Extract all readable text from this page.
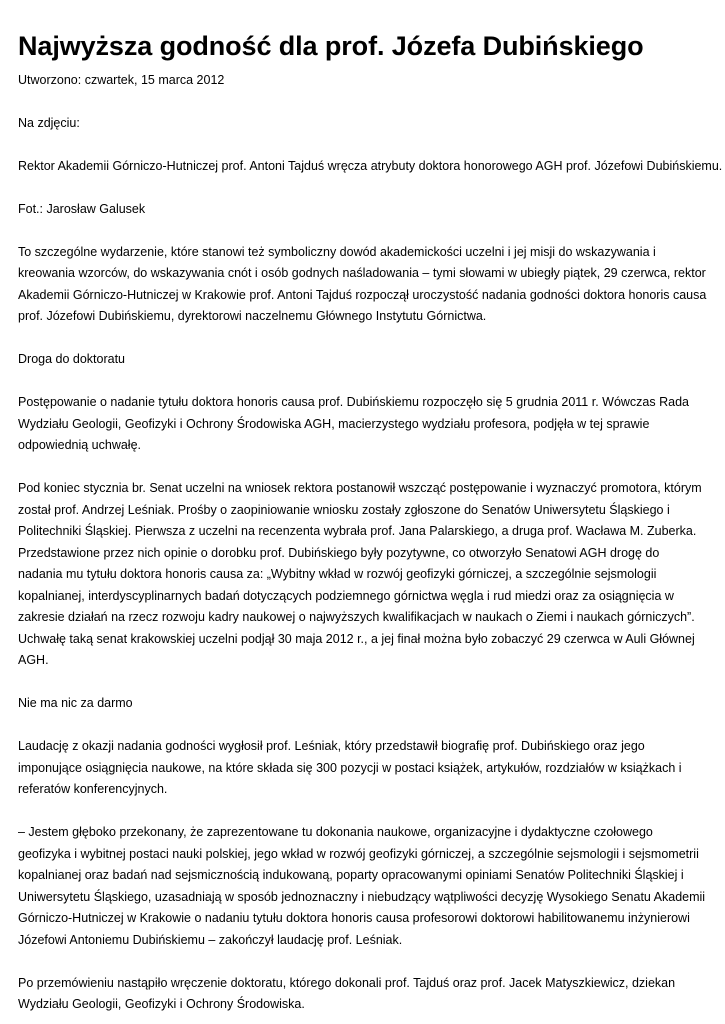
Najwyższa godność dla prof. Józefa Dubińskiego
Utworzono: czwartek, 15 marca 2012

Na zdjęciu:

Rektor Akademii Górniczo-Hutniczej prof. Antoni Tajduś wręcza atrybuty doktora honorowego AGH prof. Józefowi Dubińskiemu.

Fot.: Jarosław Galusek

To szczególne wydarzenie, które stanowi też symboliczny dowód akademickości uczelni i jej misji do wskazywania i kreowania wzorców, do wskazywania cnót i osób godnych naśladowania – tymi słowami w ubiegły piątek, 29 czerwca, rektor Akademii Górniczo-Hutniczej w Krakowie prof. Antoni Tajduś rozpoczął uroczystość nadania godności doktora honoris causa prof. Józefowi Dubińskiemu, dyrektorowi naczelnemu Głównego Instytutu Górnictwa.

Droga do doktoratu

Postępowanie o nadanie tytułu doktora honoris causa prof. Dubińskiemu rozpoczęło się 5 grudnia 2011 r. Wówczas Rada Wydziału Geologii, Geofizyki i Ochrony Środowiska AGH, macierzystego wydziału profesora, podjęła w tej sprawie odpowiednią uchwałę.

Pod koniec stycznia br. Senat uczelni na wniosek rektora postanowił wszcząć postępowanie i wyznaczyć promotora, którym został prof. Andrzej Leśniak. Prośby o zaopiniowanie wniosku zostały zgłoszone do Senatów Uniwersytetu Śląskiego i Politechniki Śląskiej. Pierwsza z uczelni na recenzenta wybrała prof. Jana Palarskiego, a druga prof. Wacława M. Zuberka. Przedstawione przez nich opinie o dorobku prof. Dubińskiego były pozytywne, co otworzyło Senatowi AGH drogę do nadania mu tytułu doktora honoris causa za: „Wybitny wkład w rozwój geofizyki górniczej, a szczególnie sejsmologii kopalnianej, interdyscyplinarnych badań dotyczących podziemnego górnictwa węgla i rud miedzi oraz za osiągnięcia w zakresie działań na rzecz rozwoju kadry naukowej o najwyższych kwalifikacjach w naukach o Ziemi i naukach górniczych”. Uchwałę taką senat krakowskiej uczelni podjął 30 maja 2012 r., a jej finał można było zobaczyć 29 czerwca w Auli Głównej AGH.

Nie ma nic za darmo

Laudację z okazji nadania godności wygłosił prof. Leśniak, który przedstawił biografię prof. Dubińskiego oraz jego imponujące osiągnięcia naukowe, na które składa się 300 pozycji w postaci książek, artykułów, rozdziałów w książkach i referatów konferencyjnych.

– Jestem głęboko przekonany, że zaprezentowane tu dokonania naukowe, organizacyjne i dydaktyczne czołowego geofizyka i wybitnej postaci nauki polskiej, jego wkład w rozwój geofizyki górniczej, a szczególnie sejsmologii i sejsmometrii kopalnianej oraz badań nad sejsmicznością indukowaną, poparty opracowanymi opiniami Senatów Politechniki Śląskiej i Uniwersytetu Śląskiego, uzasadniają w sposób jednoznaczny i niebudzący wątpliwości decyzję Wysokiego Senatu Akademii Górniczo-Hutniczej w Krakowie o nadaniu tytułu doktora honoris causa profesorowi doktorowi habilitowanemu inżynierowi Józefowi Antoniemu Dubińskiemu – zakończył laudację prof. Leśniak.

Po przemówieniu nastąpiło wręczenie doktoratu, którego dokonali prof. Tajduś oraz prof. Jacek Matyszkiewicz, dziekan Wydziału Geologii, Geofizyki i Ochrony Środowiska.
